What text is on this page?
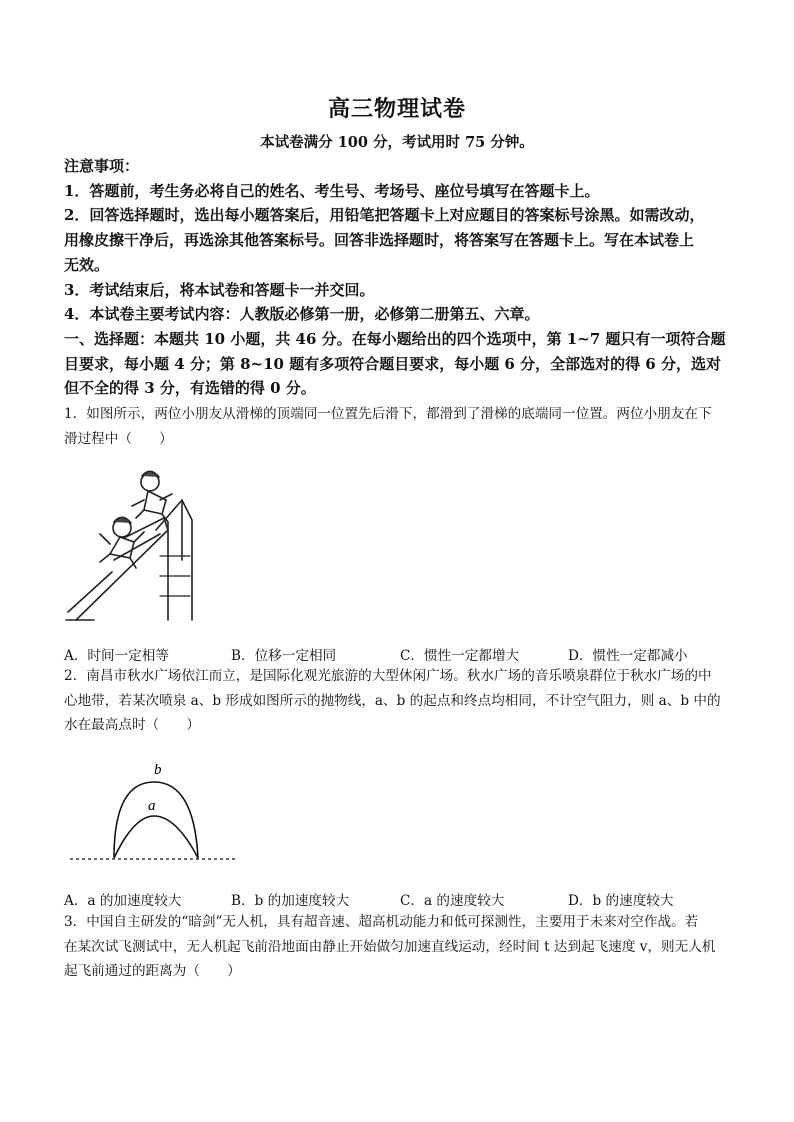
高三物理试卷
本试卷满分 100 分，考试用时 75 分钟。
注意事项：
1．答题前，考生务必将自己的姓名、考生号、考场号、座位号填写在答题卡上。
2．回答选择题时，选出每小题答案后，用铅笔把答题卡上对应题目的答案标号涂黑。如需改动，
用橡皮擦干净后，再选涂其他答案标号。回答非选择题时，将答案写在答题卡上。写在本试卷上
无效。
3．考试结束后，将本试卷和答题卡一并交回。
4．本试卷主要考试内容：人教版必修第一册，必修第二册第五、六章。
一、选择题：本题共 10 小题，共 46 分。在每小题给出的四个选项中，第 1~7 题只有一项符合题
目要求，每小题 4 分；第 8~10 题有多项符合题目要求，每小题 6 分，全部选对的得 6 分，选对
但不全的得 3 分，有选错的得 0 分。
1．如图所示，两位小朋友从滑梯的顶端同一位置先后滑下，都滑到了滑梯的底端同一位置。两位小朋友在下
滑过程中（　　）
A．时间一定相等	B．位移一定相同	C．惯性一定都增大	D．惯性一定都减小
2．南昌市秋水广场依江而立，是国际化观光旅游的大型休闲广场。秋水广场的音乐喷泉群位于秋水广场的中
心地带，若某次喷泉 a、b 形成如图所示的抛物线，a、b 的起点和终点均相同，不计空气阻力，则 a、b 中的
水在最高点时（　　）
b
a
A．a 的加速度较大	B．b 的加速度较大	C．a 的速度较大	D．b 的速度较大
3．中国自主研发的“暗剑”无人机，具有超音速、超高机动能力和低可探测性，主要用于未来对空作战。若
在某次试飞测试中，无人机起飞前沿地面由静止开始做匀加速直线运动，经时间 t 达到起飞速度 v，则无人机
起飞前通过的距离为（　　）
